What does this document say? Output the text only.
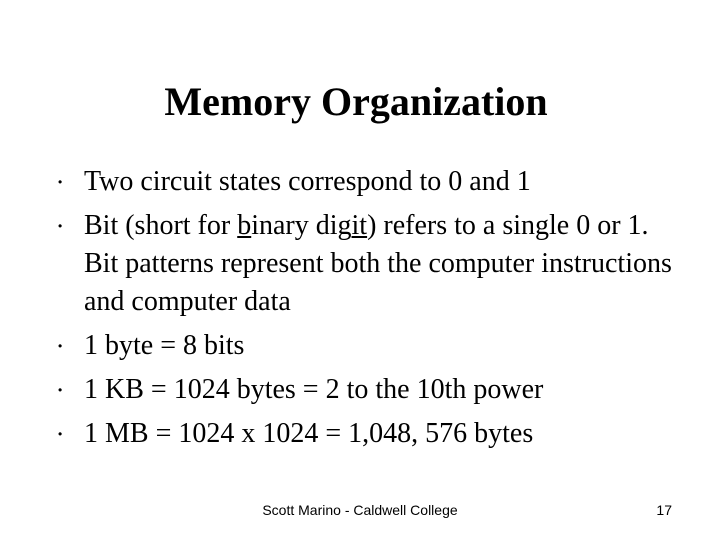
Memory Organization
• Two circuit states correspond to 0 and 1
• Bit (short for binary digit) refers to a single 0 or 1. Bit patterns represent both the computer instructions and computer data
• 1 byte = 8 bits
• 1 KB = 1024 bytes = 2 to the 10th power
• 1 MB = 1024 x 1024 = 1,048, 576 bytes
Scott Marino - Caldwell College	17
